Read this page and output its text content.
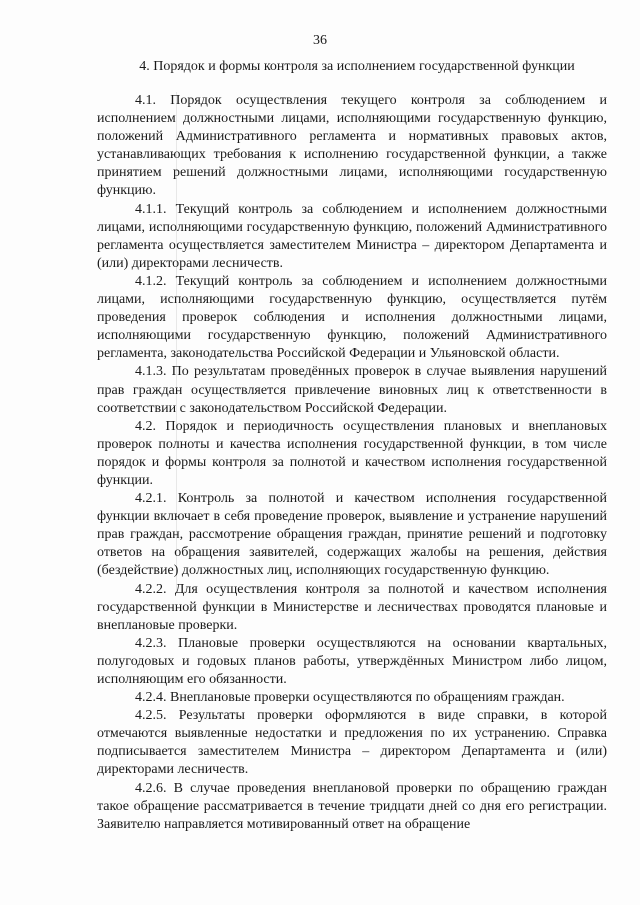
36
4. Порядок и формы контроля за исполнением государственной функции

4.1. Порядок осуществления текущего контроля за соблюдением и исполнением должностными лицами, исполняющими государственную функцию, положений Административного регламента и нормативных правовых актов, устанавливающих требования к исполнению государственной функции, а также принятием решений должностными лицами, исполняющими государственную функцию.

4.1.1. Текущий контроль за соблюдением и исполнением должностными лицами, исполняющими государственную функцию, положений Административного регламента осуществляется заместителем Министра – директором Департамента и (или) директорами лесничеств.

4.1.2. Текущий контроль за соблюдением и исполнением должностными лицами, исполняющими государственную функцию, осуществляется путём проведения проверок соблюдения и исполнения должностными лицами, исполняющими государственную функцию, положений Административного регламента, законодательства Российской Федерации и Ульяновской области.

4.1.3. По результатам проведённых проверок в случае выявления нарушений прав граждан осуществляется привлечение виновных лиц к ответственности в соответствии с законодательством Российской Федерации.

4.2. Порядок и периодичность осуществления плановых и внеплановых проверок полноты и качества исполнения государственной функции, в том числе порядок и формы контроля за полнотой и качеством исполнения государственной функции.

4.2.1. Контроль за полнотой и качеством исполнения государственной функции включает в себя проведение проверок, выявление и устранение нарушений прав граждан, рассмотрение обращения граждан, принятие решений и подготовку ответов на обращения заявителей, содержащих жалобы на решения, действия (бездействие) должностных лиц, исполняющих государственную функцию.

4.2.2. Для осуществления контроля за полнотой и качеством исполнения государственной функции в Министерстве и лесничествах проводятся плановые и внеплановые проверки.

4.2.3. Плановые проверки осуществляются на основании квартальных, полугодовых и годовых планов работы, утверждённых Министром либо лицом, исполняющим его обязанности.

4.2.4. Внеплановые проверки осуществляются по обращениям граждан.

4.2.5. Результаты проверки оформляются в виде справки, в которой отмечаются выявленные недостатки и предложения по их устранению. Справка подписывается заместителем Министра – директором Департамента и (или) директорами лесничеств.

4.2.6. В случае проведения внеплановой проверки по обращению граждан такое обращение рассматривается в течение тридцати дней со дня его регистрации. Заявителю направляется мотивированный ответ на обращение
